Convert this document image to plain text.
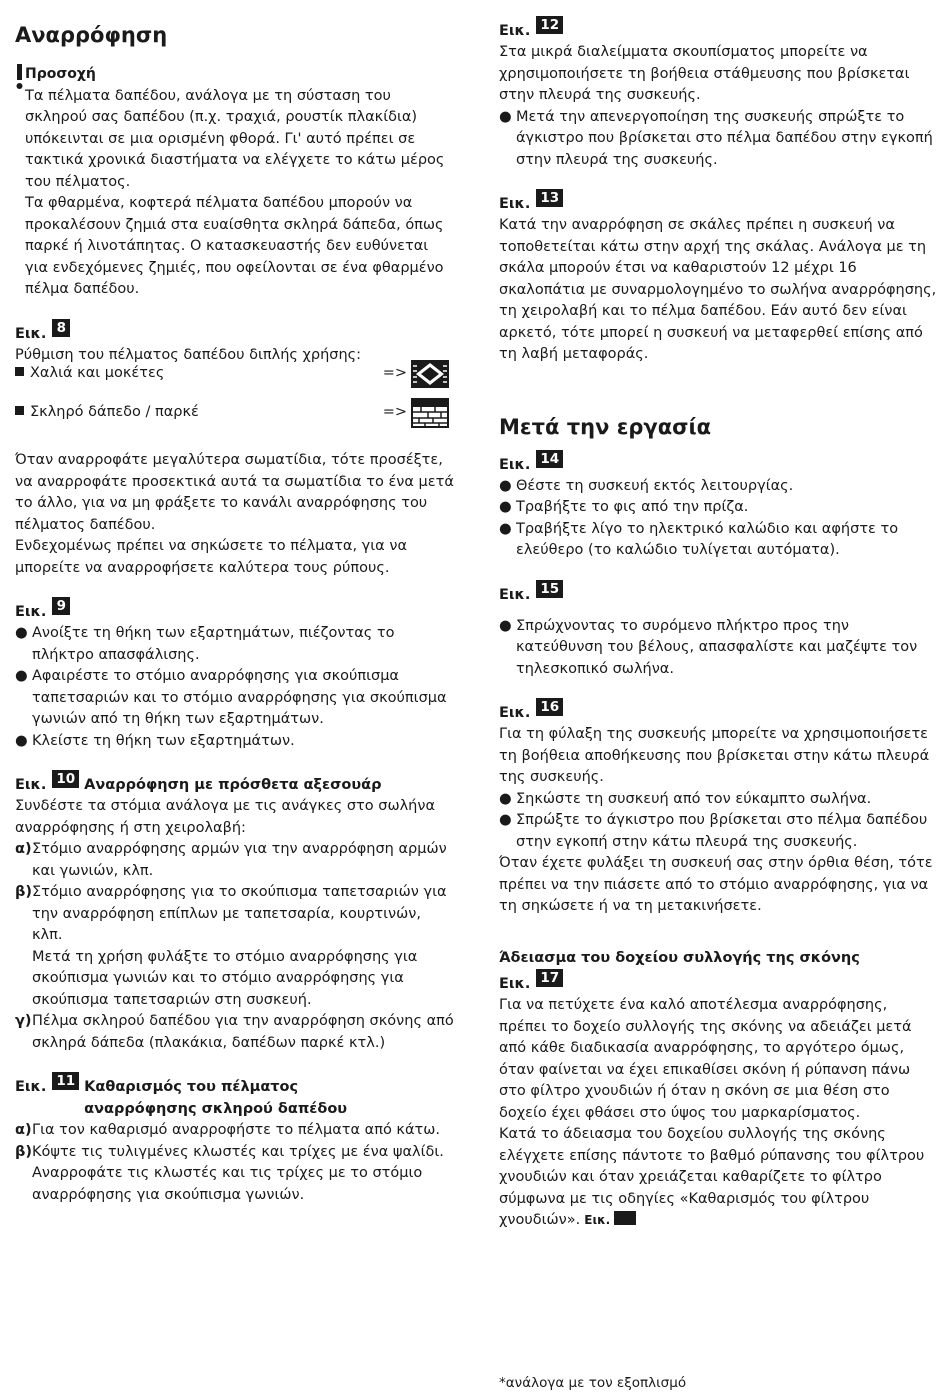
Αναρρόφηση

Προσοχή

Τα πέλματα δαπέδου, ανάλογα με τη σύσταση του σκληρού σας δαπέδου (π.χ. τραχιά, ρουστίκ πλακίδια) υπόκεινται σε μια ορισμένη φθορά. Γι' αυτό πρέπει σε τακτικά χρονικά διαστήματα να ελέγχετε το κάτω μέρος του πέλματος.

Τα φθαρμένα, κοφτερά πέλματα δαπέδου μπορούν να προκαλέσουν ζημιά στα ευαίσθητα σκληρά δάπεδα, όπως παρκέ ή λινοτάπητας. Ο κατασκευαστής δεν ευθύνεται για ενδεχόμενες ζημιές, που οφείλονται σε ένα φθαρμένο πέλμα δαπέδου.

Εικ. 8

Ρύθμιση του πέλματος δαπέδου διπλής χρήσης:

Χαλιά και μοκέτες	=>
Σκληρό δάπεδο / παρκέ	=>

Όταν αναρροφάτε μεγαλύτερα σωματίδια, τότε προσέξτε, να αναρροφάτε προσεκτικά αυτά τα σωματίδια το ένα μετά το άλλο, για να μη φράξετε το κανάλι αναρρόφησης του πέλματος δαπέδου.

Ενδεχομένως πρέπει να σηκώσετε το πέλματα, για να μπορείτε να αναρροφήσετε καλύτερα τους ρύπους.

Εικ. 9

● Ανοίξτε τη θήκη των εξαρτημάτων, πιέζοντας το πλήκτρο απασφάλισης.
● Αφαιρέστε το στόμιο αναρρόφησης για σκούπισμα ταπετσαριών και το στόμιο αναρρόφησης για σκούπισμα γωνιών από τη θήκη των εξαρτημάτων.
● Κλείστε τη θήκη των εξαρτημάτων.

Εικ. 10 Αναρρόφηση με πρόσθετα αξεσουάρ

Συνδέστε τα στόμια ανάλογα με τις ανάγκες στο σωλήνα αναρρόφησης ή στη χειρολαβή:

α) Στόμιο αναρρόφησης αρμών για την αναρρόφηση αρμών και γωνιών, κλπ.
β) Στόμιο αναρρόφησης για το σκούπισμα ταπετσαριών για την αναρρόφηση επίπλων με ταπετσαρία, κουρτινών, κλπ.

Μετά τη χρήση φυλάξτε το στόμιο αναρρόφησης για σκούπισμα γωνιών και το στόμιο αναρρόφησης για σκούπισμα ταπετσαριών στη συσκευή.

γ) Πέλμα σκληρού δαπέδου για την αναρρόφηση σκόνης από σκληρά δάπεδα (πλακάκια, δαπέδων παρκέ κτλ.)

Εικ. 11 Καθαρισμός του πέλματος αναρρόφησης σκληρού δαπέδου

α) Για τον καθαρισμό αναρροφήστε το πέλματα από κάτω.
β) Κόψτε τις τυλιγμένες κλωστές και τρίχες με ένα ψαλίδι. Αναρροφάτε τις κλωστές και τις τρίχες με το στόμιο αναρρόφησης για σκούπισμα γωνιών.

Εικ. 12

Στα μικρά διαλείμματα σκουπίσματος μπορείτε να χρησιμοποιήσετε τη βοήθεια στάθμευσης που βρίσκεται στην πλευρά της συσκευής.

● Μετά την απενεργοποίηση της συσκευής σπρώξτε το άγκιστρο που βρίσκεται στο πέλμα δαπέδου στην εγκοπή στην πλευρά της συσκευής.

Εικ. 13

Κατά την αναρρόφηση σε σκάλες πρέπει η συσκευή να τοποθετείται κάτω στην αρχή της σκάλας. Ανάλογα με τη σκάλα μπορούν έτσι να καθαριστούν 12 μέχρι 16 σκαλοπάτια με συναρμολογημένο το σωλήνα αναρρόφησης, τη χειρολαβή και το πέλμα δαπέδου. Εάν αυτό δεν είναι αρκετό, τότε μπορεί η συσκευή να μεταφερθεί επίσης από τη λαβή μεταφοράς.

Μετά την εργασία

Εικ. 14

● Θέστε τη συσκευή εκτός λειτουργίας.
● Τραβήξτε το φις από την πρίζα.
● Τραβήξτε λίγο το ηλεκτρικό καλώδιο και αφήστε το ελεύθερο (το καλώδιο τυλίγεται αυτόματα).

Εικ. 15

● Σπρώχνοντας το συρόμενο πλήκτρο προς την κατεύθυνση του βέλους, απασφαλίστε και μαζέψτε τον τηλεσκοπικό σωλήνα.

Εικ. 16

Για τη φύλαξη της συσκευής μπορείτε να χρησιμοποιήσετε τη βοήθεια αποθήκευσης που βρίσκεται στην κάτω πλευρά της συσκευής.

● Σηκώστε τη συσκευή από τον εύκαμπτο σωλήνα.
● Σπρώξτε το άγκιστρο που βρίσκεται στο πέλμα δαπέδου στην εγκοπή στην κάτω πλευρά της συσκευής.

Όταν έχετε φυλάξει τη συσκευή σας στην όρθια θέση, τότε πρέπει να την πιάσετε από το στόμιο αναρρόφησης, για να τη σηκώσετε ή να τη μετακινήσετε.

Άδειασμα του δοχείου συλλογής της σκόνης

Εικ. 17

Για να πετύχετε ένα καλό αποτέλεσμα αναρρόφησης, πρέπει το δοχείο συλλογής της σκόνης να αδειάζει μετά από κάθε διαδικασία αναρρόφησης, το αργότερο όμως, όταν φαίνεται να έχει επικαθίσει σκόνη ή ρύπανση πάνω στο φίλτρο χνουδιών ή όταν η σκόνη σε μια θέση στο δοχείο έχει φθάσει στο ύψος του μαρκαρίσματος.

Κατά το άδειασμα του δοχείου συλλογής της σκόνης ελέγχετε επίσης πάντοτε το βαθμό ρύπανσης του φίλτρου χνουδιών και όταν χρειάζεται καθαρίζετε το φίλτρο σύμφωνα με τις οδηγίες «Καθαρισμός του φίλτρου χνουδιών». Εικ.

*ανάλογα με τον εξοπλισμό
